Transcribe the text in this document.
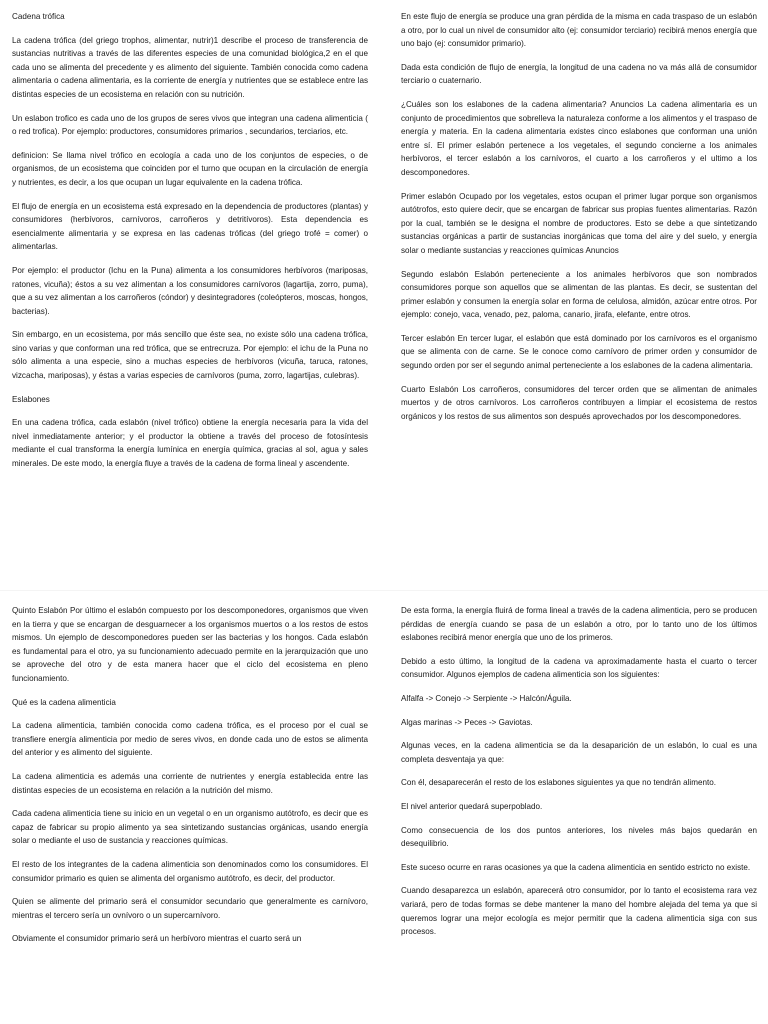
Cadena trófica

La cadena trófica (del griego trophos, alimentar, nutrir)1 describe el proceso de transferencia de sustancias nutritivas a través de las diferentes especies de una comunidad biológica,2 en el que cada uno se alimenta del precedente y es alimento del siguiente. También conocida como cadena alimentaria o cadena alimentaria, es la corriente de energía y nutrientes que se establece entre las distintas especies de un ecosistema en relación con su nutrición.

Un eslabon trofico es cada uno de los grupos de seres vivos que integran una cadena alimenticia ( o red trofica). Por ejemplo: productores, consumidores primarios , secundarios, terciarios, etc.

definicion: Se llama nivel trófico en ecología a cada uno de los conjuntos de especies, o de organismos, de un ecosistema que coinciden por el turno que ocupan en la circulación de energía y nutrientes, es decir, a los que ocupan un lugar equivalente en la cadena trófica.

El flujo de energía en un ecosistema está expresado en la dependencia de productores (plantas) y consumidores (herbívoros, carnívoros, carroñeros y detritívoros). Esta dependencia es esencialmente alimentaria y se expresa en las cadenas tróficas (del griego trofé = comer) o alimentarlas.

Por ejemplo: el productor (Ichu en la Puna) alimenta a los consumidores herbívoros (mariposas, ratones, vicuña); éstos a su vez alimentan a los consumidores carnívoros (lagartija, zorro, puma), que a su vez alimentan a los carroñeros (cóndor) y desintegradores (coleópteros, moscas, hongos, bacterias).

Sin embargo, en un ecosistema, por más sencillo que éste sea, no existe sólo una cadena trófica, sino varias y que conforman una red trófica, que se entrecruza. Por ejemplo: el ichu de la Puna no sólo alimenta a una especie, sino a muchas especies de herbívoros (vicuña, taruca, ratones, vizcacha, mariposas), y éstas a varias especies de carnívoros (puma, zorro, lagartijas, culebras).

Eslabones

En una cadena trófica, cada eslabón (nivel trófico) obtiene la energía necesaria para la vida del nivel inmediatamente anterior; y el productor la obtiene a través del proceso de fotosíntesis mediante el cual transforma la energía lumínica en energía química, gracias al sol, agua y sales minerales. De este modo, la energía fluye a través de la cadena de forma lineal y ascendente.

En este flujo de energía se produce una gran pérdida de la misma en cada traspaso de un eslabón a otro, por lo cual un nivel de consumidor alto (ej: consumidor terciario) recibirá menos energía que uno bajo (ej: consumidor primario).

Dada esta condición de flujo de energía, la longitud de una cadena no va más allá de consumidor terciario o cuaternario.

¿Cuáles son los eslabones de la cadena alimentaria? Anuncios La cadena alimentaria es un conjunto de procedimientos que sobrelleva la naturaleza conforme a los alimentos y el traspaso de energía y materia. En la cadena alimentaria existes cinco eslabones que conforman una unión entre sí. El primer eslabón pertenece a los vegetales, el segundo concierne a los animales herbívoros, el tercer eslabón a los carnívoros, el cuarto a los carroñeros y el ultimo a los descomponedores.

Primer eslabón Ocupado por los vegetales, estos ocupan el primer lugar porque son organismos autótrofos, esto quiere decir, que se encargan de fabricar sus propias fuentes alimentarias. Razón por la cual, también se le designa el nombre de productores. Esto se debe a que sintetizando sustancias orgánicas a partir de sustancias inorgánicas que toma del aire y del suelo, y energía solar o mediante sustancias y reacciones químicas Anuncios

Segundo eslabón Eslabón perteneciente a los animales herbívoros que son nombrados consumidores porque son aquellos que se alimentan de las plantas. Es decir, se sustentan del primer eslabón y consumen la energía solar en forma de celulosa, almidón, azúcar entre otros. Por ejemplo: conejo, vaca, venado, pez, paloma, canario, jirafa, elefante, entre otros.

Tercer eslabón En tercer lugar, el eslabón que está dominado por los carnívoros es el organismo que se alimenta con de carne. Se le conoce como carnívoro de primer orden y consumidor de segundo orden por ser el segundo animal perteneciente a los eslabones de la cadena alimentaria.

Cuarto Eslabón Los carroñeros, consumidores del tercer orden que se alimentan de animales muertos y de otros carnívoros. Los carroñeros contribuyen a limpiar el ecosistema de restos orgánicos y los restos de sus alimentos son después aprovechados por los descomponedores.

Quinto Eslabón Por último el eslabón compuesto por los descomponedores, organismos que viven en la tierra y que se encargan de desguarnecer a los organismos muertos o a los restos de estos mismos. Un ejemplo de descomponedores pueden ser las bacterias y los hongos. Cada eslabón es fundamental para el otro, ya su funcionamiento adecuado permite en la jerarquización que uno se aproveche del otro y de esta manera hacer que el ciclo del ecosistema en pleno funcionamiento.

Qué es la cadena alimenticia

La cadena alimenticia, también conocida como cadena trófica, es el proceso por el cual se transfiere energía alimenticia por medio de seres vivos, en donde cada uno de estos se alimenta del anterior y es alimento del siguiente.

La cadena alimenticia es además una corriente de nutrientes y energía establecida entre las distintas especies de un ecosistema en relación a la nutrición del mismo.

Cada cadena alimenticia tiene su inicio en un vegetal o en un organismo autótrofo, es decir que es capaz de fabricar su propio alimento ya sea sintetizando sustancias orgánicas, usando energía solar o mediante el uso de sustancia y reacciones químicas.

El resto de los integrantes de la cadena alimenticia son denominados como los consumidores. El consumidor primario es quien se alimenta del organismo autótrofo, es decir, del productor.

Quien se alimente del primario será el consumidor secundario que generalmente es carnívoro, mientras el tercero sería un ovnívoro o un supercarnívoro.

Obviamente el consumidor primario será un herbívoro mientras el cuarto será un

De esta forma, la energía fluirá de forma lineal a través de la cadena alimenticia, pero se producen pérdidas de energía cuando se pasa de un eslabón a otro, por lo tanto uno de los últimos eslabones recibirá menor energía que uno de los primeros.

Debido a esto último, la longitud de la cadena va aproximadamente hasta el cuarto o tercer consumidor. Algunos ejemplos de cadena alimenticia son los siguientes:

Alfalfa -> Conejo -> Serpiente -> Halcón/Águila.

Algas marinas -> Peces -> Gaviotas.

Algunas veces, en la cadena alimenticia se da la desaparición de un eslabón, lo cual es una completa desventaja ya que:

Con él, desaparecerán el resto de los eslabones siguientes ya que no tendrán alimento.

El nivel anterior quedará superpoblado.

Como consecuencia de los dos puntos anteriores, los niveles más bajos quedarán en desequilibrio.

Este suceso ocurre en raras ocasiones ya que la cadena alimenticia en sentido estricto no existe.

Cuando desaparezca un eslabón, aparecerá otro consumidor, por lo tanto el ecosistema rara vez variará, pero de todas formas se debe mantener la mano del hombre alejada del tema ya que si queremos lograr una mejor ecología es mejor permitir que la cadena alimenticia siga con sus procesos.
